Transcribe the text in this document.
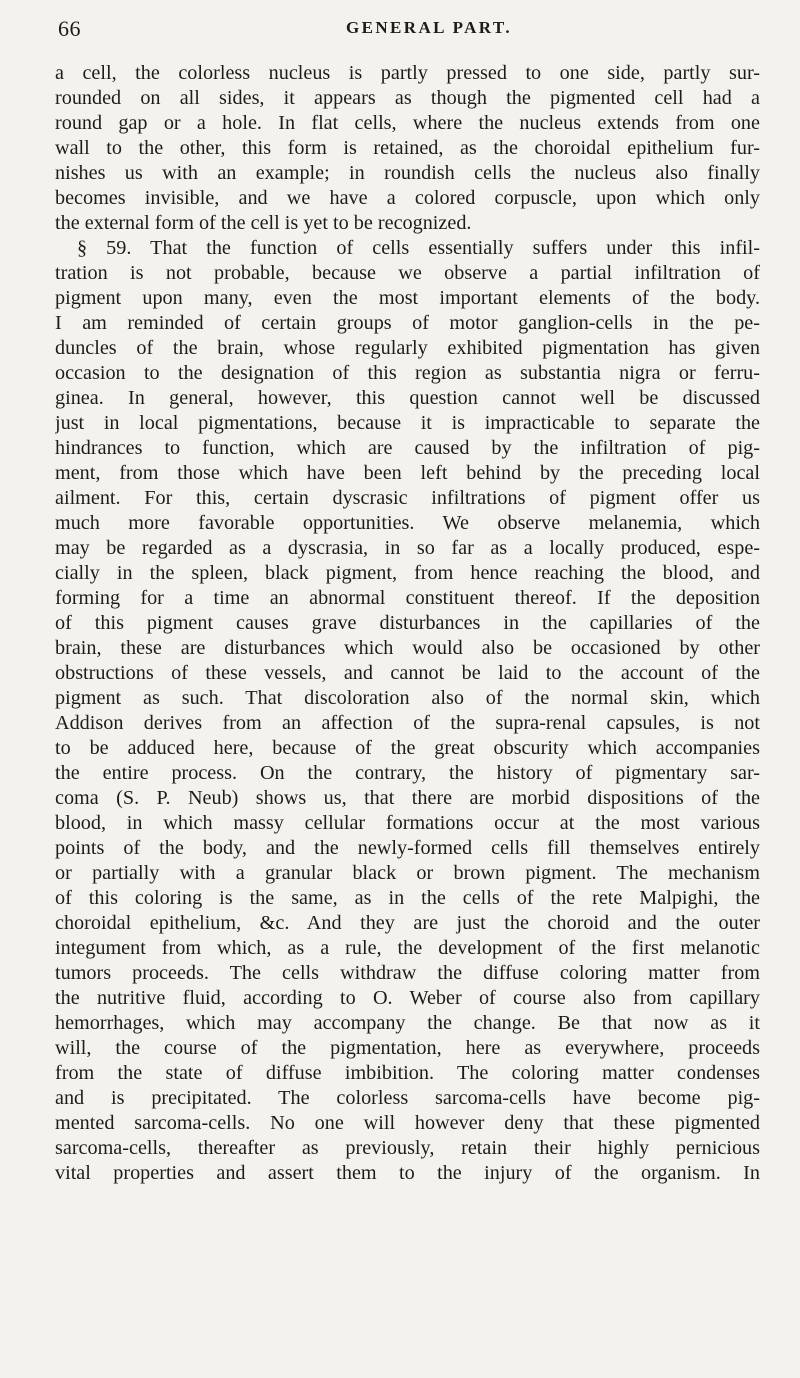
66	GENERAL PART.
a cell, the colorless nucleus is partly pressed to one side, partly sur-
rounded on all sides, it appears as though the pigmented cell had a
round gap or a hole. In flat cells, where the nucleus extends from one
wall to the other, this form is retained, as the choroidal epithelium fur-
nishes us with an example; in roundish cells the nucleus also finally
becomes invisible, and we have a colored corpuscle, upon which only
the external form of the cell is yet to be recognized.
§ 59. That the function of cells essentially suffers under this infil-
tration is not probable, because we observe a partial infiltration of
pigment upon many, even the most important elements of the body.
I am reminded of certain groups of motor ganglion-cells in the pe-
duncles of the brain, whose regularly exhibited pigmentation has given
occasion to the designation of this region as substantia nigra or ferru-
ginea. In general, however, this question cannot well be discussed
just in local pigmentations, because it is impracticable to separate the
hindrances to function, which are caused by the infiltration of pig-
ment, from those which have been left behind by the preceding local
ailment. For this, certain dyscrasic infiltrations of pigment offer us
much more favorable opportunities. We observe melanemia, which
may be regarded as a dyscrasia, in so far as a locally produced, espe-
cially in the spleen, black pigment, from hence reaching the blood, and
forming for a time an abnormal constituent thereof. If the deposition
of this pigment causes grave disturbances in the capillaries of the
brain, these are disturbances which would also be occasioned by other
obstructions of these vessels, and cannot be laid to the account of the
pigment as such. That discoloration also of the normal skin, which
Addison derives from an affection of the supra-renal capsules, is not
to be adduced here, because of the great obscurity which accompanies
the entire process. On the contrary, the history of pigmentary sar-
coma (S. P. Neub) shows us, that there are morbid dispositions of the
blood, in which massy cellular formations occur at the most various
points of the body, and the newly-formed cells fill themselves entirely
or partially with a granular black or brown pigment. The mechanism
of this coloring is the same, as in the cells of the rete Malpighi, the
choroidal epithelium, &c. And they are just the choroid and the outer
integument from which, as a rule, the development of the first melanotic
tumors proceeds. The cells withdraw the diffuse coloring matter from
the nutritive fluid, according to O. Weber of course also from capillary
hemorrhages, which may accompany the change. Be that now as it
will, the course of the pigmentation, here as everywhere, proceeds
from the state of diffuse imbibition. The coloring matter condenses
and is precipitated. The colorless sarcoma-cells have become pig-
mented sarcoma-cells. No one will however deny that these pigmented
sarcoma-cells, thereafter as previously, retain their highly pernicious
vital properties and assert them to the injury of the organism. In
